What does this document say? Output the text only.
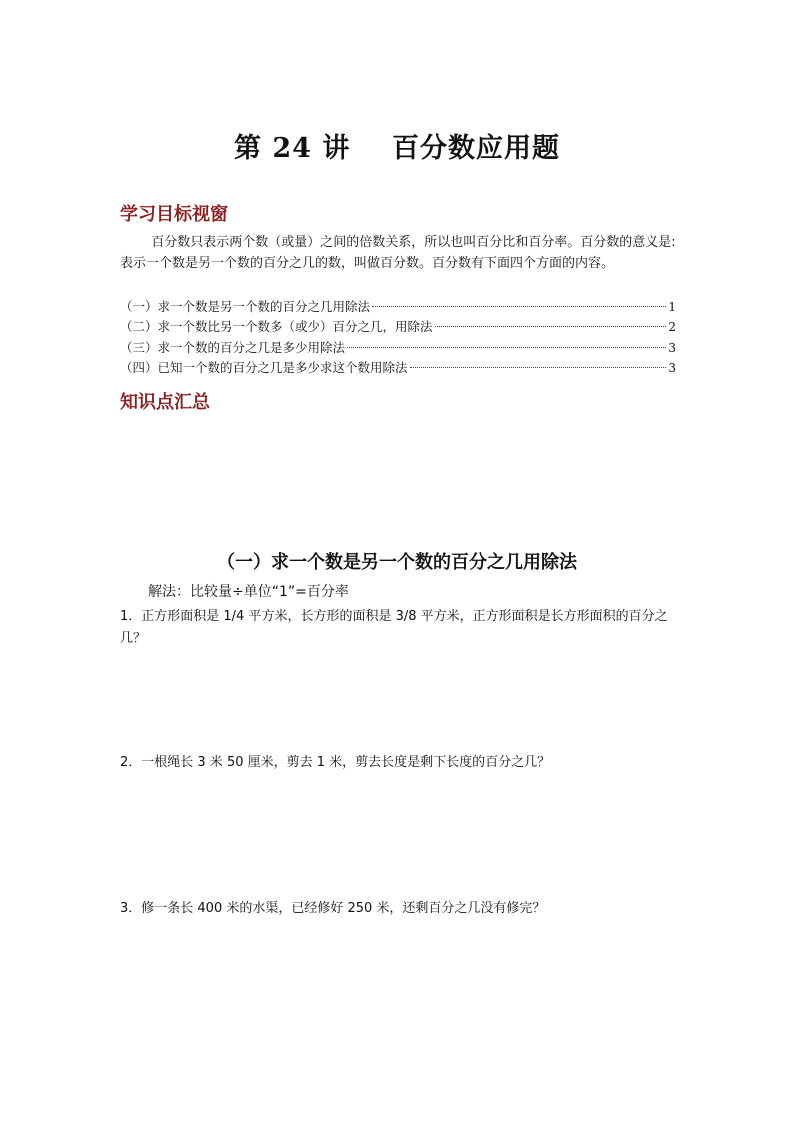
第 24 讲    百分数应用题
学习目标视窗
百分数只表示两个数（或量）之间的倍数关系，所以也叫百分比和百分率。百分数的意义是: 表示一个数是另一个数的百分之几的数，叫做百分数。百分数有下面四个方面的内容。
（一）求一个数是另一个数的百分之几用除法	1
（二）求一个数比另一个数多（或少）百分之几，用除法	2
（三）求一个数的百分之几是多少用除法	3
（四）已知一个数的百分之几是多少求这个数用除法	3
知识点汇总
（一）求一个数是另一个数的百分之几用除法
解法：比较量÷单位“1”=百分率
1．正方形面积是 1/4 平方米，长方形的面积是 3/8 平方米，正方形面积是长方形面积的百分之几？
2．一根绳长 3 米 50 厘米，剪去 1 米，剪去长度是剩下长度的百分之几？
3．修一条长 400 米的水渠，已经修好 250 米，还剩百分之几没有修完？
